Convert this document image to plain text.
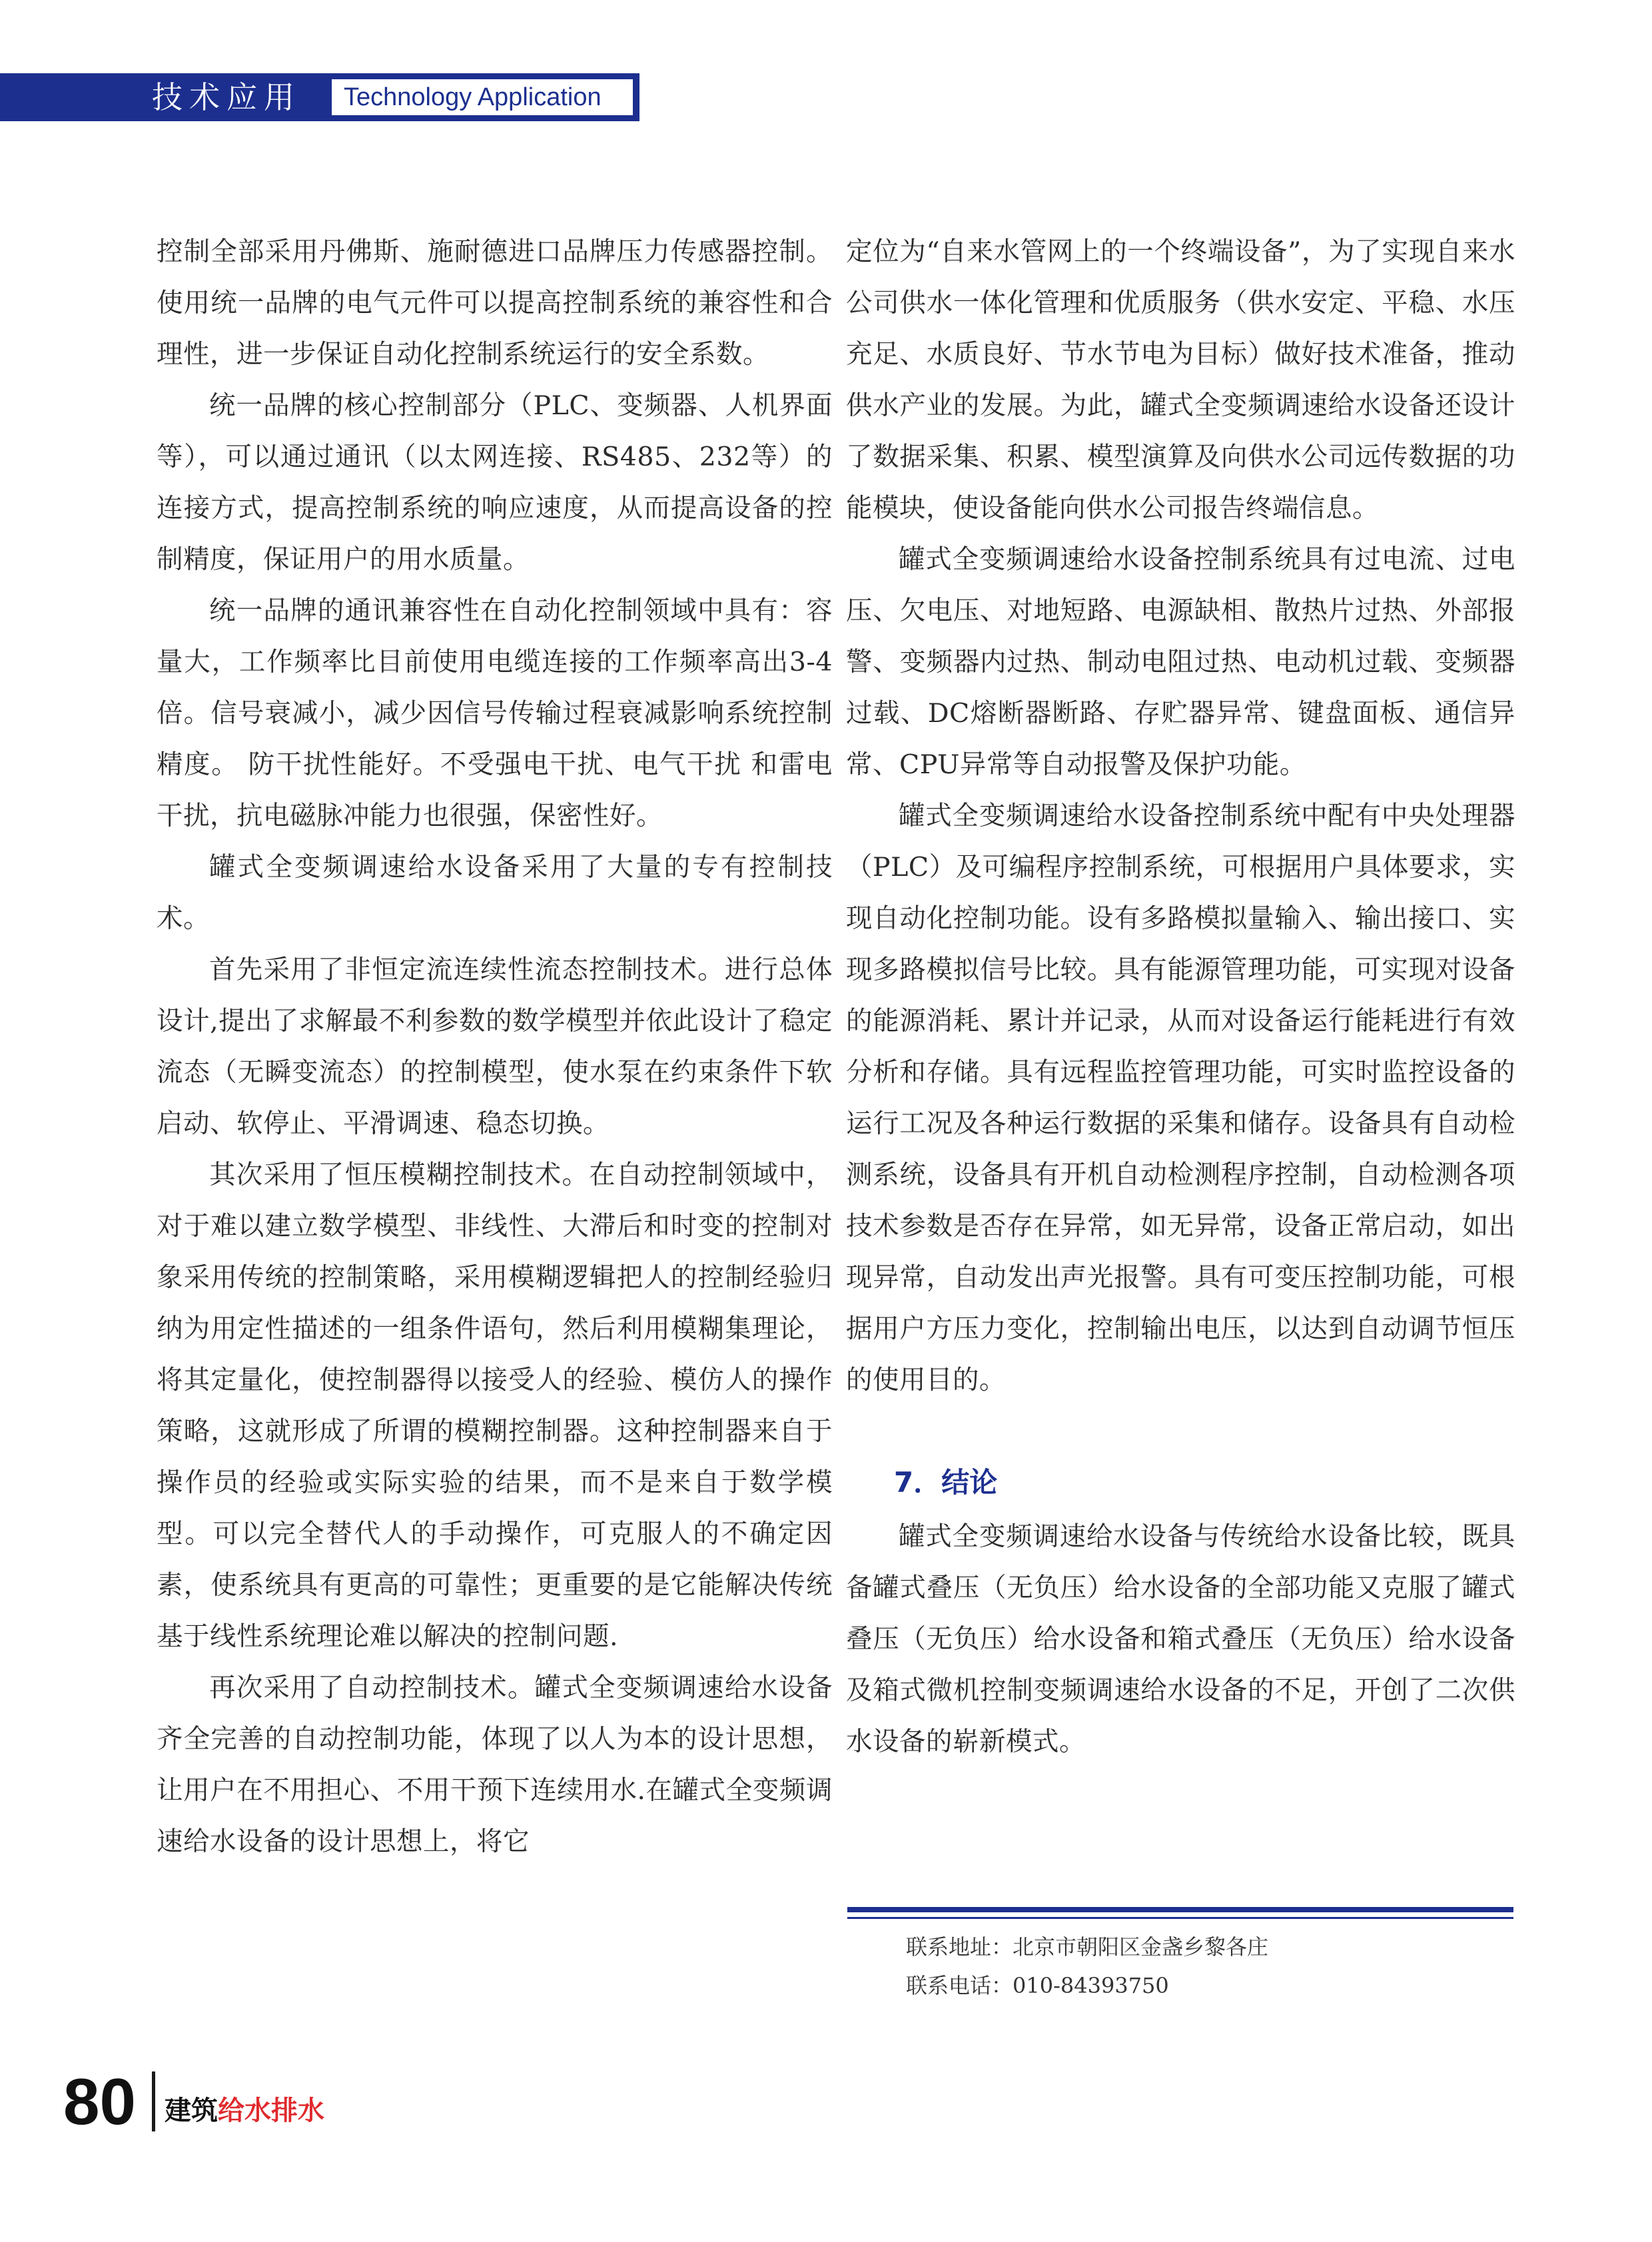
技术应用 Technology Application

控制全部采用丹佛斯、施耐德进口品牌压力传感器控制。使用统一品牌的电气元件可以提高控制系统的兼容性和合理性，进一步保证自动化控制系统运行的安全系数。

统一品牌的核心控制部分（PLC、变频器、人机界面等），可以通过通讯（以太网连接、RS485、232等）的连接方式，提高控制系统的响应速度，从而提高设备的控制精度，保证用户的用水质量。

统一品牌的通讯兼容性在自动化控制领域中具有：容量大，工作频率比目前使用电缆连接的工作频率高出3-4倍。信号衰减小，减少因信号传输过程衰减影响系统控制精度。 防干扰性能好。不受强电干扰、电气干扰 和雷电干扰，抗电磁脉冲能力也很强，保密性好。

罐式全变频调速给水设备采用了大量的专有控制技术。

首先采用了非恒定流连续性流态控制技术。进行总体设计,提出了求解最不利参数的数学模型并依此设计了稳定流态（无瞬变流态）的控制模型，使水泵在约束条件下软启动、软停止、平滑调速、稳态切换。

其次采用了恒压模糊控制技术。在自动控制领域中，对于难以建立数学模型、非线性、大滞后和时变的控制对象采用传统的控制策略，采用模糊逻辑把人的控制经验归纳为用定性描述的一组条件语句，然后利用模糊集理论，将其定量化，使控制器得以接受人的经验、模仿人的操作策略，这就形成了所谓的模糊控制器。这种控制器来自于操作员的经验或实际实验的结果，而不是来自于数学模型。可以完全替代人的手动操作，可克服人的不确定因素，使系统具有更高的可靠性；更重要的是它能解决传统基于线性系统理论难以解决的控制问题.

再次采用了自动控制技术。罐式全变频调速给水设备齐全完善的自动控制功能，体现了以人为本的设计思想，让用户在不用担心、不用干预下连续用水.在罐式全变频调速给水设备的设计思想上，将它

定位为“自来水管网上的一个终端设备”，为了实现自来水公司供水一体化管理和优质服务（供水安定、平稳、水压充足、水质良好、节水节电为目标）做好技术准备，推动供水产业的发展。为此，罐式全变频调速给水设备还设计了数据采集、积累、模型演算及向供水公司远传数据的功能模块，使设备能向供水公司报告终端信息。

罐式全变频调速给水设备控制系统具有过电流、过电压、欠电压、对地短路、电源缺相、散热片过热、外部报警、变频器内过热、制动电阻过热、电动机过载、变频器过载、DC熔断器断路、存贮器异常、键盘面板、通信异常、CPU异常等自动报警及保护功能。

罐式全变频调速给水设备控制系统中配有中央处理器（PLC）及可编程序控制系统，可根据用户具体要求，实现自动化控制功能。设有多路模拟量输入、输出接口、实现多路模拟信号比较。具有能源管理功能，可实现对设备的能源消耗、累计并记录，从而对设备运行能耗进行有效分析和存储。具有远程监控管理功能，可实时监控设备的运行工况及各种运行数据的采集和储存。设备具有自动检测系统，设备具有开机自动检测程序控制，自动检测各项技术参数是否存在异常，如无异常，设备正常启动，如出现异常，自动发出声光报警。具有可变压控制功能，可根据用户方压力变化，控制输出电压，以达到自动调节恒压的使用目的。

7．结论

罐式全变频调速给水设备与传统给水设备比较，既具备罐式叠压（无负压）给水设备的全部功能又克服了罐式叠压（无负压）给水设备和箱式叠压（无负压）给水设备及箱式微机控制变频调速给水设备的不足，开创了二次供水设备的崭新模式。

联系地址：北京市朝阳区金盏乡黎各庄
联系电话：010-84393750
80 建筑给水排水
